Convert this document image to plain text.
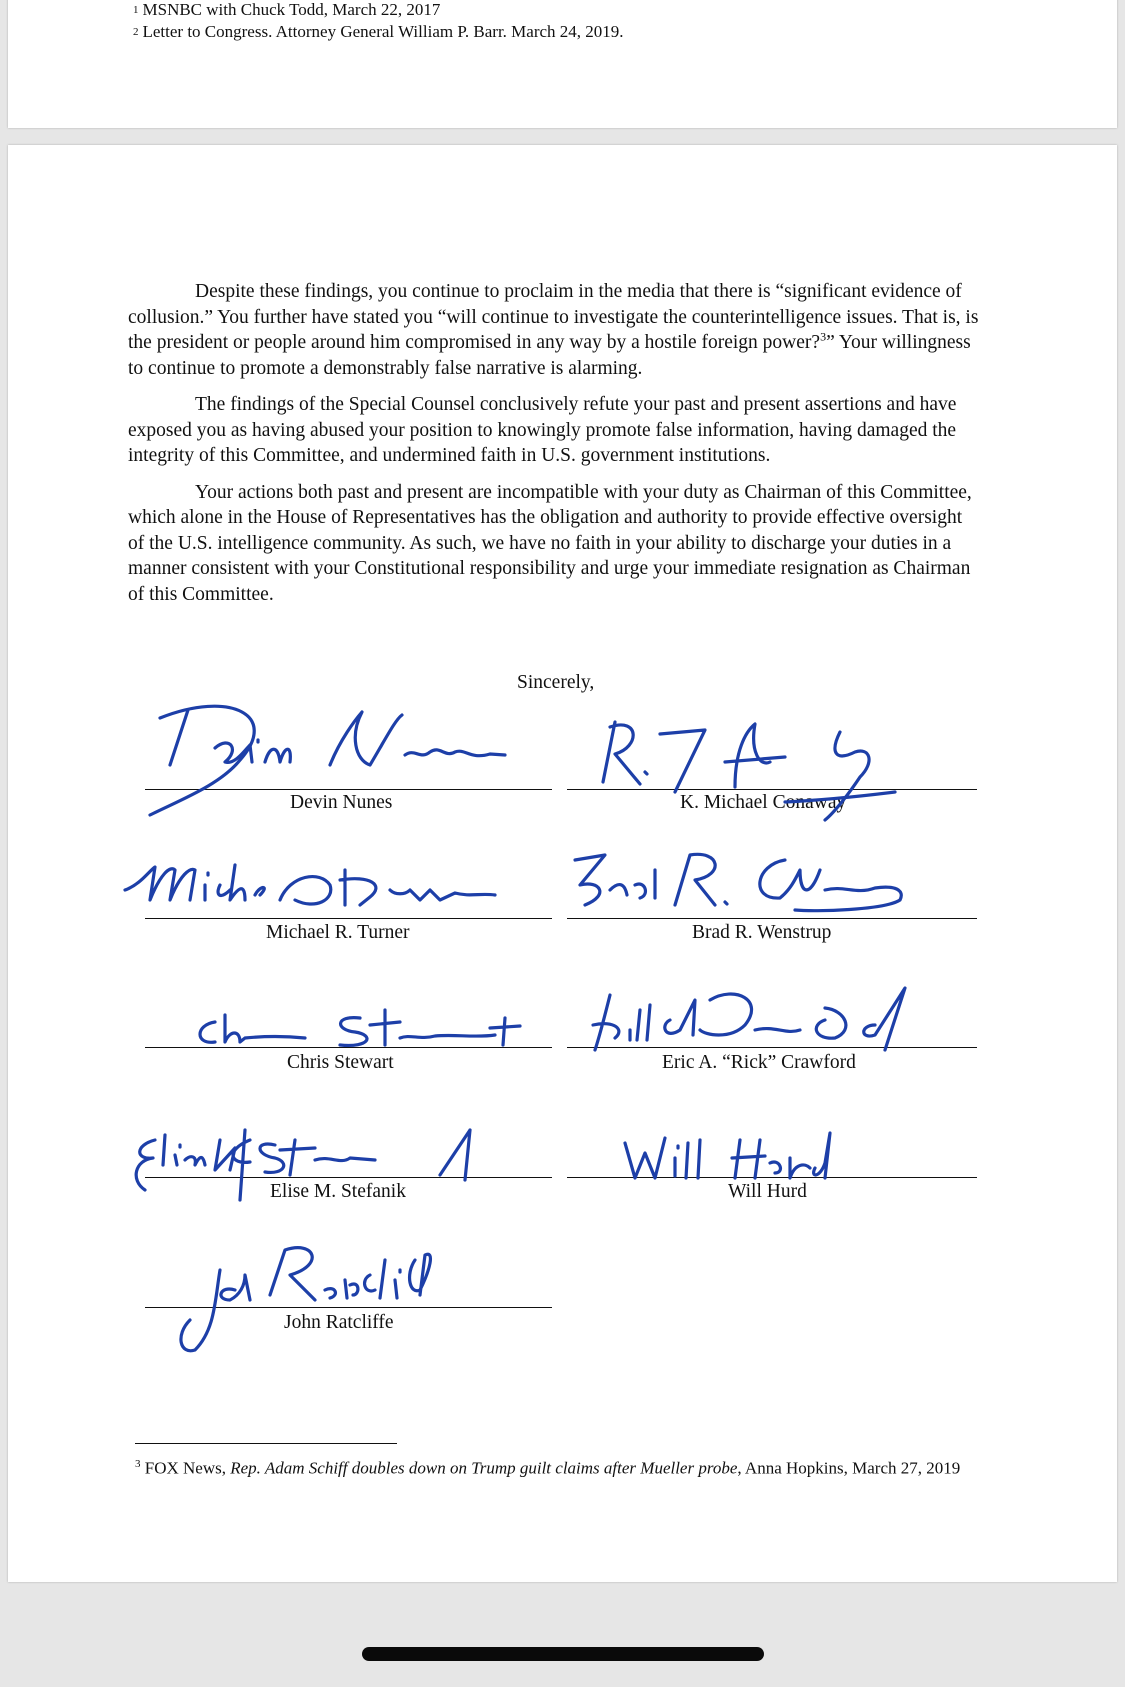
$^1$ MSNBC with Chuck Todd, March 22, 2017
$^2$ Letter to Congress. Attorney General William P. Barr. March 24, 2019.

Despite these findings, you continue to proclaim in the media that there is “significant evidence of collusion.” You further have stated you “will continue to investigate the counterintelligence issues. That is, is the president or people around him compromised in any way by a hostile foreign power?$^3$” Your willingness to continue to promote a demonstrably false narrative is alarming.

The findings of the Special Counsel conclusively refute your past and present assertions and have exposed you as having abused your position to knowingly promote false information, having damaged the integrity of this Committee, and undermined faith in U.S. government institutions.

Your actions both past and present are incompatible with your duty as Chairman of this Committee, which alone in the House of Representatives has the obligation and authority to provide effective oversight of the U.S. intelligence community. As such, we have no faith in your ability to discharge your duties in a manner consistent with your Constitutional responsibility and urge your immediate resignation as Chairman of this Committee.

Sincerely,
Devin Nunes	K. Michael Conaway
Michael R. Turner	Brad R. Wenstrup
Chris Stewart	Eric A. “Rick” Crawford
Elise M. Stefanik	Will Hurd
John Ratcliffe
$^3$ FOX News, Rep. Adam Schiff doubles down on Trump guilt claims after Mueller probe, Anna Hopkins, March 27, 2019
